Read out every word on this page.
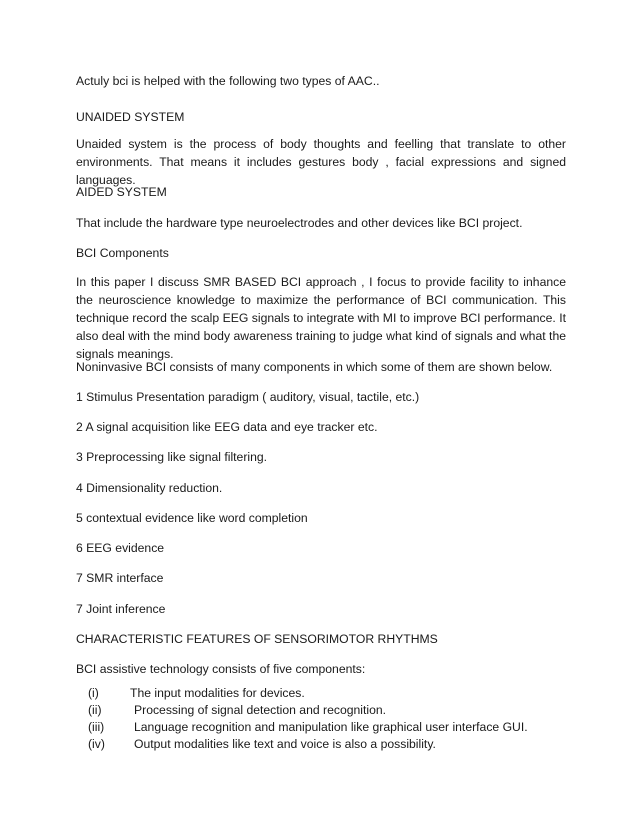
Actuly bci is helped with the following two types of AAC..

UNAIDED SYSTEM

Unaided system is the process of body thoughts and feelling that translate to other environments. That means it includes gestures body , facial expressions and signed languages.

AIDED SYSTEM

That include the hardware type neuroelectrodes and other devices like BCI project.

BCI Components

In this paper I discuss SMR BASED BCI approach , I focus to provide facility to inhance the neuroscience knowledge to maximize the performance of BCI communication. This technique record the scalp EEG signals to integrate with MI to improve BCI performance. It also deal with the mind body awareness training to judge what kind of signals and what the signals meanings.

Noninvasive BCI consists of many components in which some of them are shown below.

1 Stimulus Presentation paradigm ( auditory, visual, tactile, etc.)

2 A signal acquisition like EEG data and eye tracker etc.

3 Preprocessing like signal filtering.

4 Dimensionality reduction.

5 contextual evidence like word completion

6 EEG evidence

7 SMR interface

7 Joint inference

CHARACTERISTIC FEATURES OF SENSORIMOTOR RHYTHMS

BCI assistive technology consists of five components:

(i)	The input modalities for devices.
(ii)	Processing of signal detection and recognition.
(iii) Language recognition and manipulation like graphical user interface GUI.
(iv) Output modalities like text and voice is also a possibility.
